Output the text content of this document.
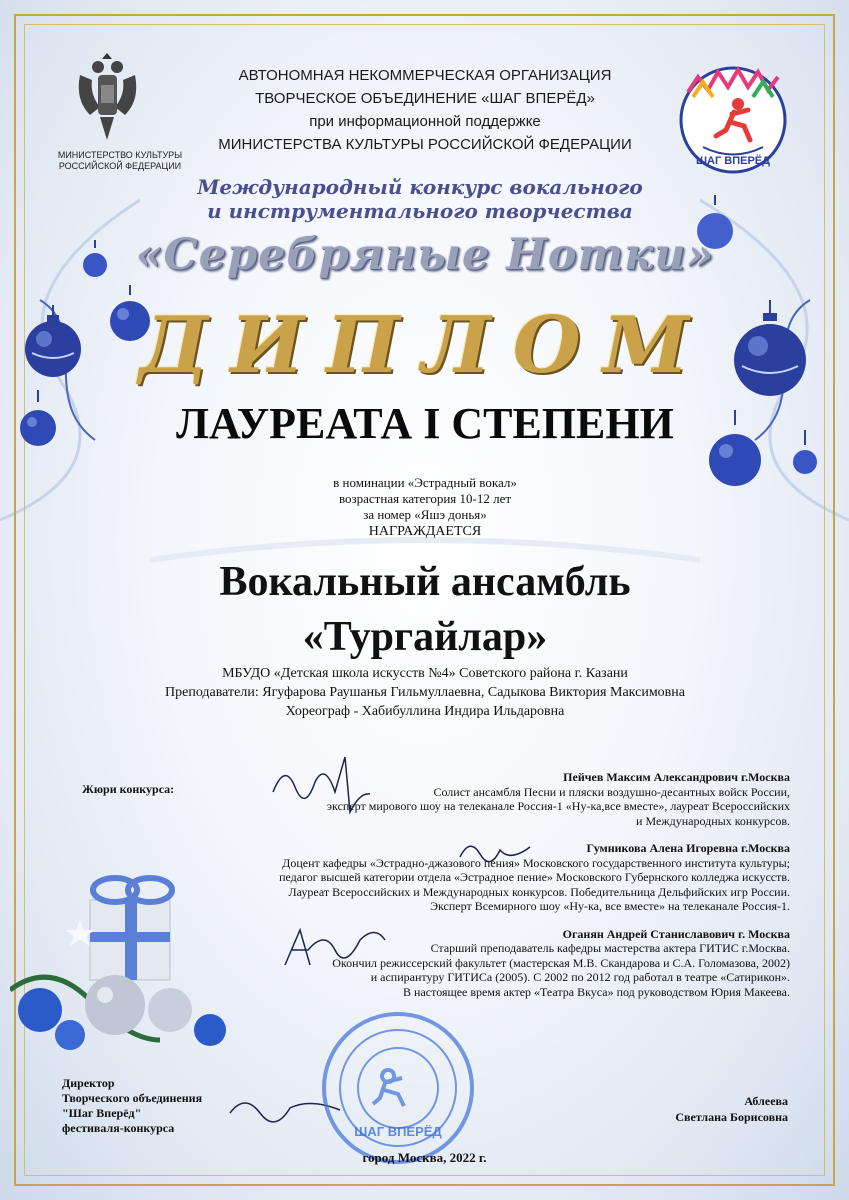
МИНИСТЕРСТВО КУЛЬТУРЫ
РОССИЙСКОЙ ФЕДЕРАЦИИ
АВТОНОМНАЯ НЕКОММЕРЧЕСКАЯ ОРГАНИЗАЦИЯ
ТВОРЧЕСКОЕ ОБЪЕДИНЕНИЕ «ШАГ ВПЕРЁД»
при информационной поддержке
МИНИСТЕРСТВА КУЛЬТУРЫ РОССИЙСКОЙ ФЕДЕРАЦИИ
ШАГ ВПЕРЁД
Международный конкурс вокального
и инструментального творчества
«Серебряные Нотки»
ДИПЛОМ
ЛАУРЕАТА I СТЕПЕНИ
в номинации «Эстрадный вокал»
возрастная категория 10-12 лет
за номер «Яшэ донья»
НАГРАЖДАЕТСЯ
Вокальный ансамбль
«Тургайлар»
МБУДО «Детская школа искусств №4» Советского района г. Казани
Преподаватели: Ягуфарова Раушанья Гильмуллаевна, Садыкова Виктория Максимовна
Хореограф - Хабибуллина Индира Ильдаровна
Жюри конкурса:
Пейчев Максим Александрович г.Москва
Солист ансамбля Песни и пляски воздушно-десантных войск России,
эксперт мирового шоу на телеканале Россия-1 «Ну-ка,все вместе», лауреат Всероссийских
и Международных конкурсов.
Гумникова Алена Игоревна г.Москва
Доцент кафедры «Эстрадно-джазового пения» Московского государственного института культуры;
педагог высшей категории отдела «Эстрадное пение» Московского Губернского колледжа искусств.
Лауреат Всероссийских и Международных конкурсов. Победительница Дельфийских игр России.
Эксперт Всемирного шоу «Ну-ка, все вместе» на телеканале Россия-1.
Оганян Андрей Станиславович г. Москва
Старший преподаватель кафедры мастерства актера ГИТИС г.Москва.
Окончил режиссерский факультет (мастерская М.В. Скандарова и С.А. Голомазова, 2002)
и аспирантуру ГИТИСа (2005). С 2002 по 2012 год работал в театре «Сатирикон».
В настоящее время актер «Театра Вкуса» под руководством Юрия Макеева.
ШАГ ВПЕРЁД
Директор
Творческого объединения
"Шаг Вперёд"
фестиваля-конкурса
Аблеева
Светлана Борисовна
город Москва, 2022 г.
